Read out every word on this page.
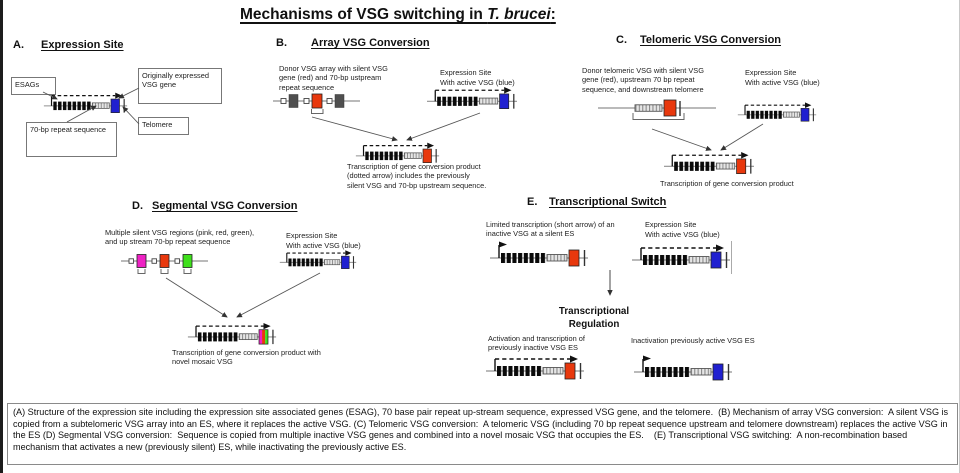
Mechanisms of VSG switching in T. brucei:
A. Expression Site
ESAGs
Originally expressed VSG gene
70-bp repeat sequence
Telomere
B. Array VSG Conversion
Donor VSG array with silent VSG gene (red) and 70-bp ustpream repeat sequence
Expression Site
With active VSG (blue)
Transcription of gene conversion product (dotted arrow) includes the previously silent VSG and 70-bp upstream sequence.
C. Telomeric VSG Conversion
Donor telomeric VSG with silent VSG gene (red), upstream 70 bp repeat sequence, and downstream telomere
Expression Site
With active VSG (blue)
Transcription of gene conversion product
D. Segmental VSG Conversion
Multiple silent VSG regions (pink, red, green), and up stream 70-bp repeat sequence
Expression Site
With active VSG (blue)
Transcription of gene conversion product with novel mosaic VSG
E. Transcriptional Switch
Limited transcription (short arrow) of an inactive VSG at a silent ES
Expression Site
With active VSG (blue)
Transcriptional
Regulation
Activation and transcription of previously inactive VSG ES
Inactivation previously active VSG ES
(A) Structure of the expression site including the expression site associated genes (ESAG), 70 base pair repeat up-stream sequence, expressed VSG gene, and the telomere.  (B) Mechanism of array VSG conversion:  A silent VSG is copied from a subtelomeric VSG array into an ES, where it replaces the active VSG. (C) Telomeric VSG conversion:  A telomeric VSG (including 70 bp repeat sequence upstream and telomere downstream) replaces the active VSG in the ES (D) Segmental VSG conversion:  Sequence is copied from multiple inactive VSG genes and combined into a novel mosaic VSG that occupies the ES.    (E) Transcriptional VSG switching:  A non-recombination based mechanism that activates a new (previously silent) ES, while inactivating the previously active ES.
